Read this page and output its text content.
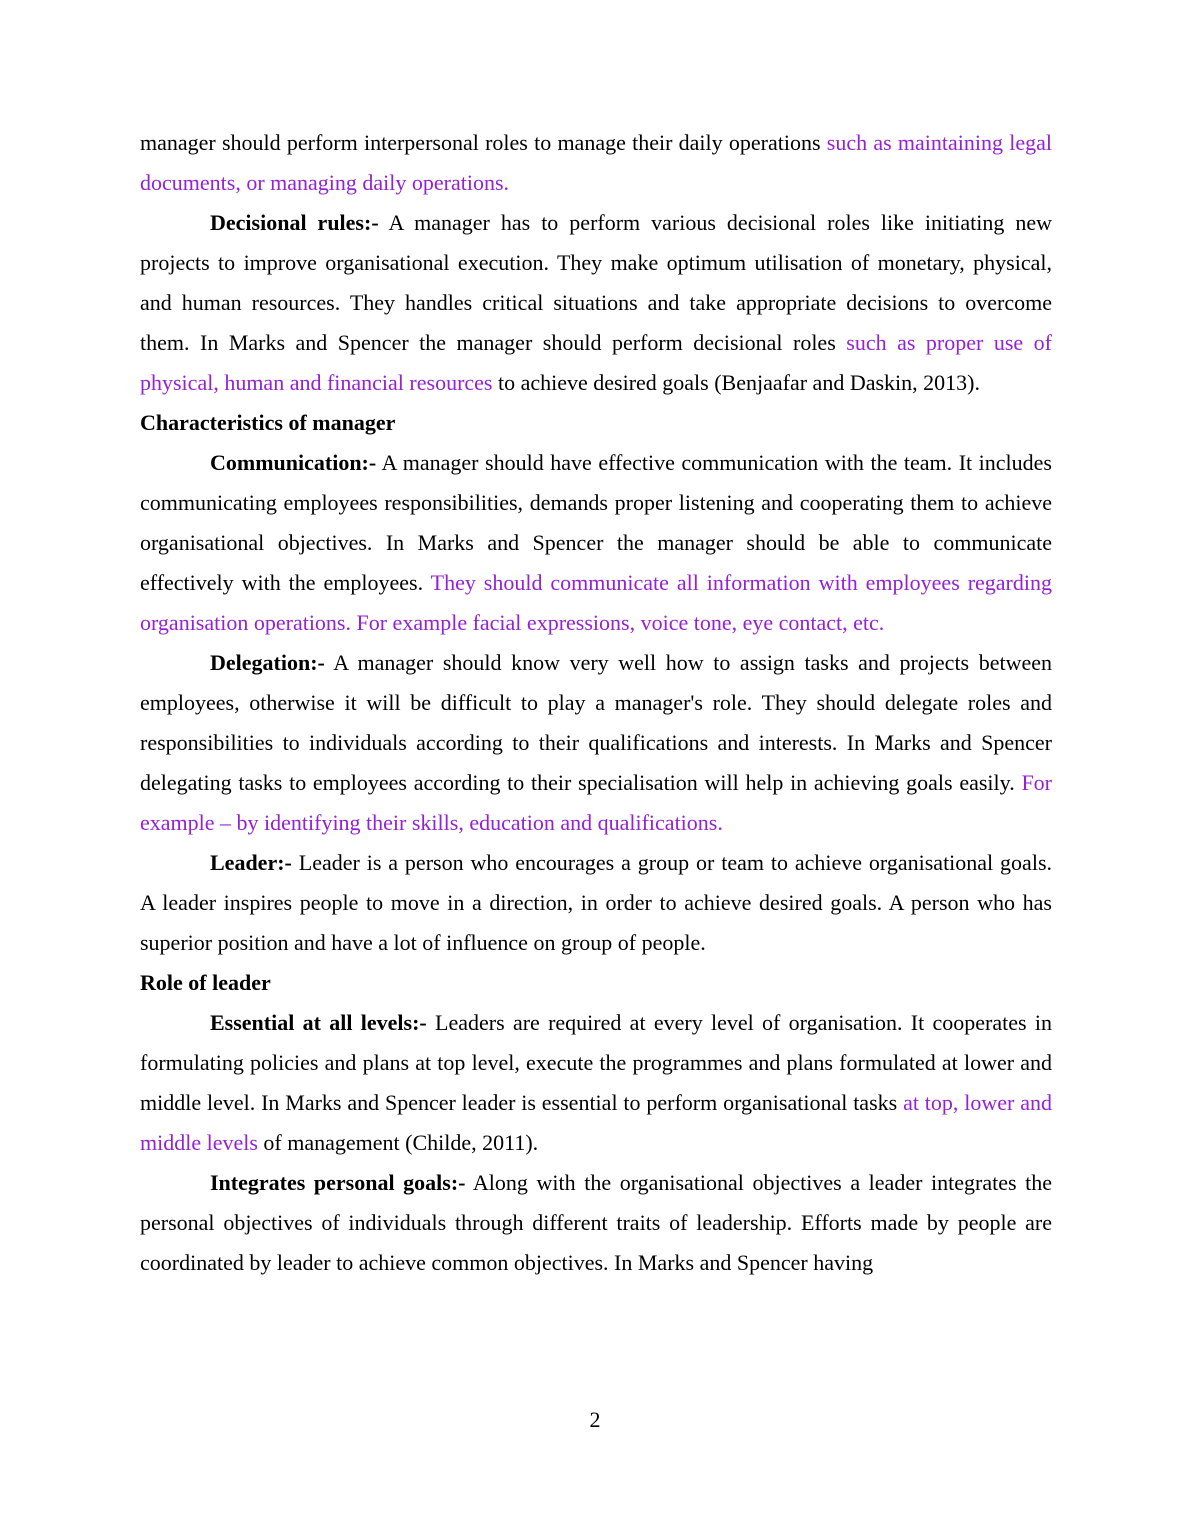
manager should perform interpersonal roles to manage their daily operations such as maintaining legal documents, or managing daily operations.
Decisional rules:- A manager has to perform various decisional roles like initiating new projects to improve organisational execution. They make optimum utilisation of monetary, physical, and human resources. They handles critical situations and take appropriate decisions to overcome them. In Marks and Spencer the manager should perform decisional roles such as proper use of physical, human and financial resources to achieve desired goals (Benjaafar and Daskin, 2013).
Characteristics of manager
Communication:- A manager should have effective communication with the team. It includes communicating employees responsibilities, demands proper listening and cooperating them to achieve organisational objectives. In Marks and Spencer the manager should be able to communicate effectively with the employees. They should communicate all information with employees regarding organisation operations. For example facial expressions, voice tone, eye contact, etc.
Delegation:- A manager should know very well how to assign tasks and projects between employees, otherwise it will be difficult to play a manager's role. They should delegate roles and responsibilities to individuals according to their qualifications and interests. In Marks and Spencer delegating tasks to employees according to their specialisation will help in achieving goals easily. For example – by identifying their skills, education and qualifications.
Leader:- Leader is a person who encourages a group or team to achieve organisational goals. A leader inspires people to move in a direction, in order to achieve desired goals. A person who has superior position and have a lot of influence on group of people.
Role of leader
Essential at all levels:- Leaders are required at every level of organisation. It cooperates in formulating policies and plans at top level, execute the programmes and plans formulated at lower and middle level. In Marks and Spencer leader is essential to perform organisational tasks at top, lower and middle levels of management (Childe, 2011).
Integrates personal goals:- Along with the organisational objectives a leader integrates the personal objectives of individuals through different traits of leadership. Efforts made by people are coordinated by leader to achieve common objectives. In Marks and Spencer having
2
